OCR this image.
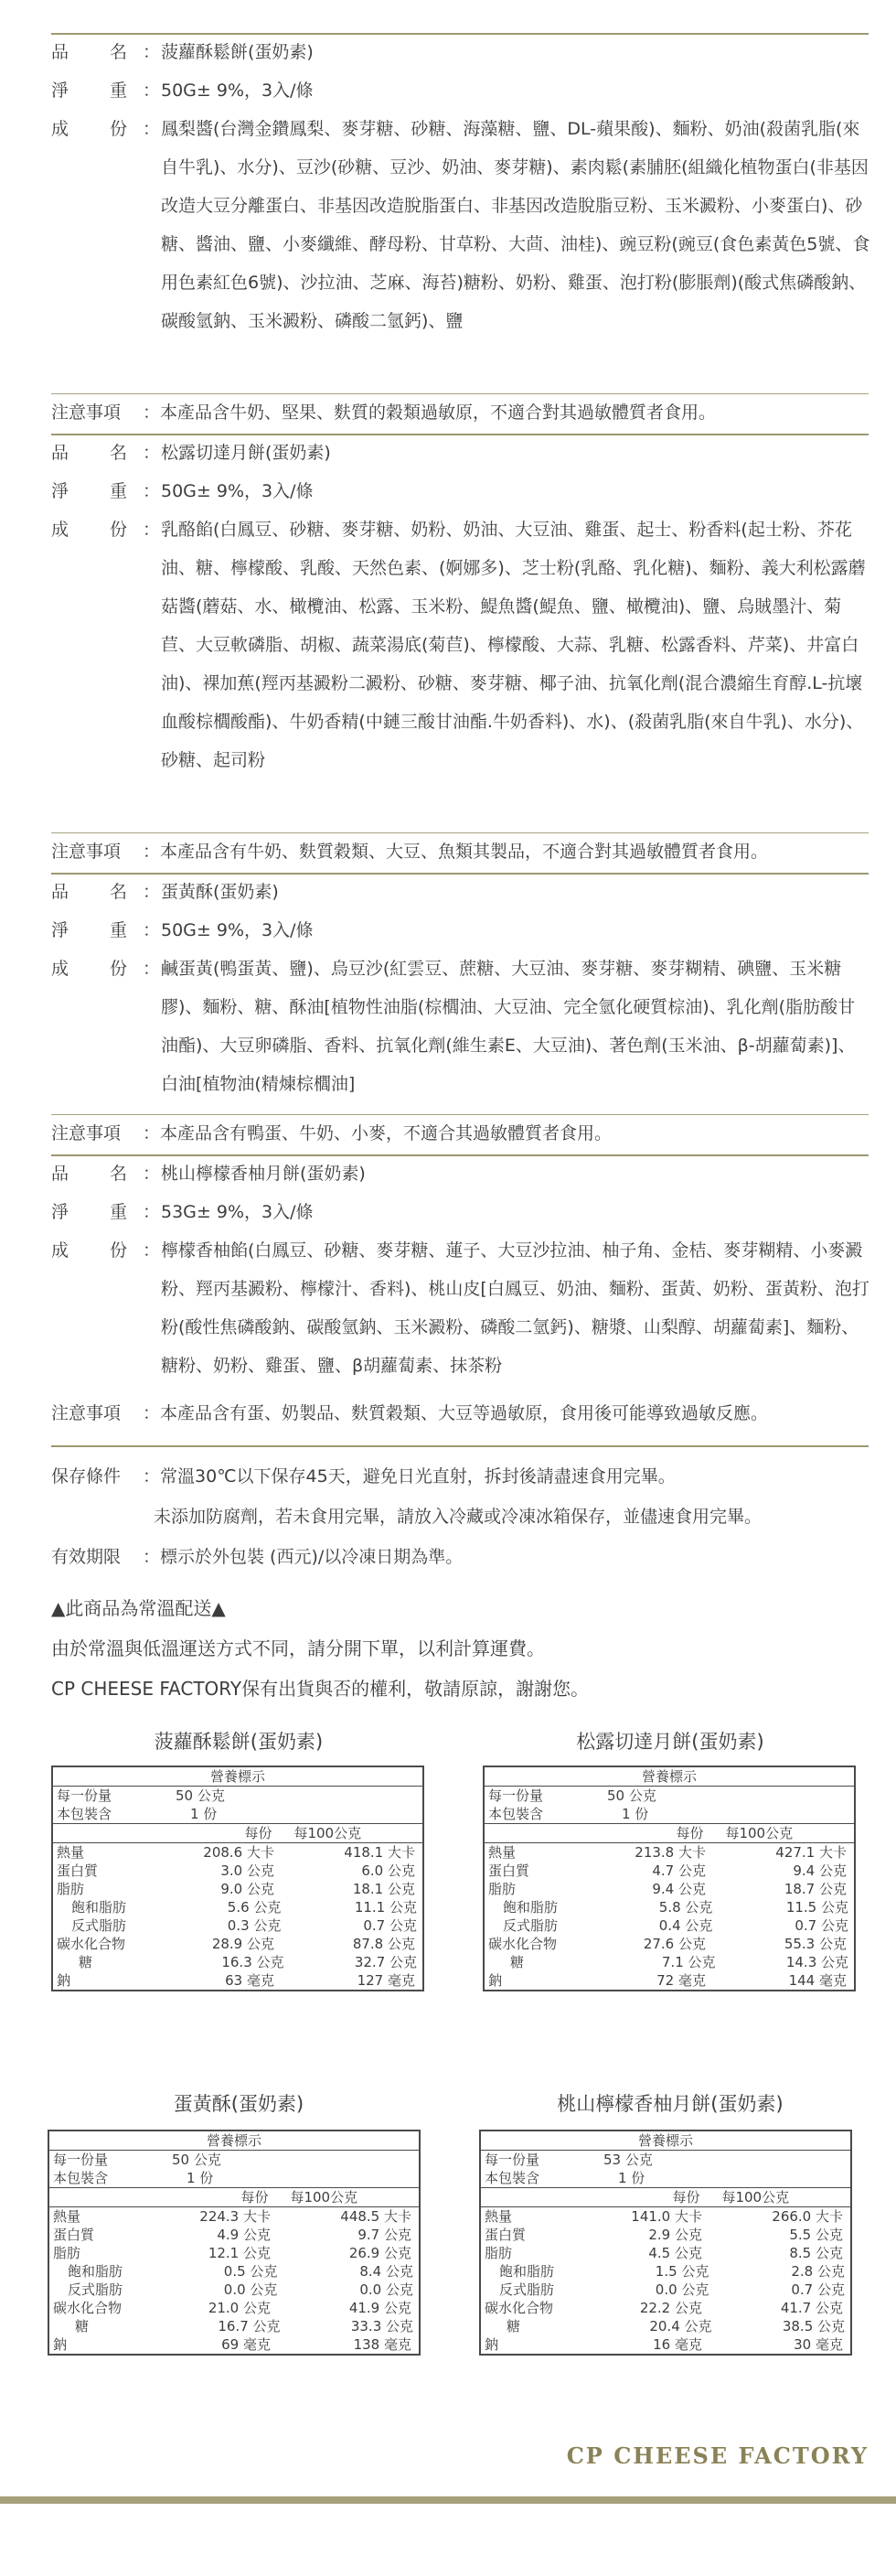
品 名 ： 菠蘿酥鬆餅(蛋奶素)
淨 重 ： 50G± 9%，3入/條
成 份 ： 鳳梨醬(台灣金鑽鳳梨、麥芽糖、砂糖、海藻糖、鹽、DL-蘋果酸)、麵粉、奶油(殺菌乳脂(來自牛乳)、水分)、豆沙(砂糖、豆沙、奶油、麥芽糖)、素肉鬆(素脯胚(組織化植物蛋白(非基因改造大豆分離蛋白、非基因改造脫脂蛋白、非基因改造脫脂豆粉、玉米澱粉、小麥蛋白)、砂糖、醬油、鹽、小麥纖維、酵母粉、甘草粉、大茴、油桂)、豌豆粉(豌豆(食色素黃色5號、食用色素紅色6號)、沙拉油、芝麻、海苔)糖粉、奶粉、雞蛋、泡打粉(膨脹劑)(酸式焦磷酸鈉、碳酸氫鈉、玉米澱粉、磷酸二氫鈣)、鹽
注意事項	： 本產品含牛奶、堅果、麩質的穀類過敏原，不適合對其過敏體質者食用。
品 名 ： 松露切達月餅(蛋奶素)
淨 重 ： 50G± 9%，3入/條
成 份 ： 乳酪餡(白鳳豆、砂糖、麥芽糖、奶粉、奶油、大豆油、雞蛋、起士、粉香料(起士粉、芥花油、糖、檸檬酸、乳酸、天然色素、(婀娜多)、芝士粉(乳酪、乳化糖)、麵粉、義大利松露蘑菇醬(蘑菇、水、橄欖油、松露、玉米粉、鯷魚醬(鯷魚、鹽、橄欖油)、鹽、烏賊墨汁、菊苣、大豆軟磷脂、胡椒、蔬菜湯底(菊苣)、檸檬酸、大蒜、乳糖、松露香料、芹菜)、井富白油)、裸加蕉(羥丙基澱粉二澱粉、砂糖、麥芽糖、椰子油、抗氧化劑(混合濃縮生育醇.L-抗壞血酸棕櫚酸酯)、牛奶香精(中鏈三酸甘油酯.牛奶香料)、水)、(殺菌乳脂(來自牛乳)、水分)、砂糖、起司粉
注意事項	： 本產品含有牛奶、麩質穀類、大豆、魚類其製品，不適合對其過敏體質者食用。
品 名 ： 蛋黃酥(蛋奶素)
淨 重 ： 50G± 9%，3入/條
成 份 ： 鹹蛋黃(鴨蛋黃、鹽)、烏豆沙(紅雲豆、蔗糖、大豆油、麥芽糖、麥芽糊精、碘鹽、玉米糖膠)、麵粉、糖、酥油[植物性油脂(棕櫚油、大豆油、完全氫化硬質棕油)、乳化劑(脂肪酸甘油酯)、大豆卵磷脂、香料、抗氧化劑(維生素E、大豆油)、著色劑(玉米油、β-胡蘿蔔素)]、白油[植物油(精煉棕櫚油]
注意事項	： 本產品含有鴨蛋、牛奶、小麥，不適合其過敏體質者食用。
品 名 ： 桃山檸檬香柚月餅(蛋奶素)
淨 重 ： 53G± 9%，3入/條
成 份 ： 檸檬香柚餡(白鳳豆、砂糖、麥芽糖、蓮子、大豆沙拉油、柚子角、金桔、麥芽糊精、小麥澱粉、羥丙基澱粉、檸檬汁、香料)、桃山皮[白鳳豆、奶油、麵粉、蛋黃、奶粉、蛋黃粉、泡打粉(酸性焦磷酸鈉、碳酸氫鈉、玉米澱粉、磷酸二氫鈣)、糖漿、山梨醇、胡蘿蔔素]、麵粉、糖粉、奶粉、雞蛋、鹽、β胡蘿蔔素、抹茶粉
注意事項	： 本產品含有蛋、奶製品、麩質穀類、大豆等過敏原，食用後可能導致過敏反應。
保存條件 ：常溫30℃以下保存45天，避免日光直射，拆封後請盡速食用完畢。
未添加防腐劑，若未食用完畢，請放入冷藏或冷凍冰箱保存，並儘速食用完畢。
有效期限 ：標示於外包裝 (西元)/以冷凍日期為準。
▲此商品為常溫配送▲
由於常溫與低溫運送方式不同，請分開下單，以利計算運費。
CP CHEESE FACTORY保有出貨與否的權利，敬請原諒，謝謝您。
菠蘿酥鬆餅(蛋奶素)
營養標示
每一份量	50 公克
本包裝含	1 份
每份	每100公克
熱量	208.6 大卡	418.1 大卡
蛋白質	3.0 公克	6.0 公克
脂肪	9.0 公克	18.1 公克
飽和脂肪	5.6 公克	11.1 公克
反式脂肪	0.3 公克	0.7 公克
碳水化合物	28.9 公克	87.8 公克
糖	16.3 公克	32.7 公克
鈉	63 毫克	127 毫克
松露切達月餅(蛋奶素)
營養標示
每一份量	50 公克
本包裝含	1 份
每份	每100公克
熱量	213.8 大卡	427.1 大卡
蛋白質	4.7 公克	9.4 公克
脂肪	9.4 公克	18.7 公克
飽和脂肪	5.8 公克	11.5 公克
反式脂肪	0.4 公克	0.7 公克
碳水化合物	27.6 公克	55.3 公克
糖	7.1 公克	14.3 公克
鈉	72 毫克	144 毫克
蛋黃酥(蛋奶素)
營養標示
每一份量	50 公克
本包裝含	1 份
每份	每100公克
熱量	224.3 大卡	448.5 大卡
蛋白質	4.9 公克	9.7 公克
脂肪	12.1 公克	26.9 公克
飽和脂肪	0.5 公克	8.4 公克
反式脂肪	0.0 公克	0.0 公克
碳水化合物	21.0 公克	41.9 公克
糖	16.7 公克	33.3 公克
鈉	69 毫克	138 毫克
桃山檸檬香柚月餅(蛋奶素)
營養標示
每一份量	53 公克
本包裝含	1 份
每份	每100公克
熱量	141.0 大卡	266.0 大卡
蛋白質	2.9 公克	5.5 公克
脂肪	4.5 公克	8.5 公克
飽和脂肪	1.5 公克	2.8 公克
反式脂肪	0.0 公克	0.7 公克
碳水化合物	22.2 公克	41.7 公克
糖	20.4 公克	38.5 公克
鈉	16 毫克	30 毫克
CP CHEESE FACTORY
